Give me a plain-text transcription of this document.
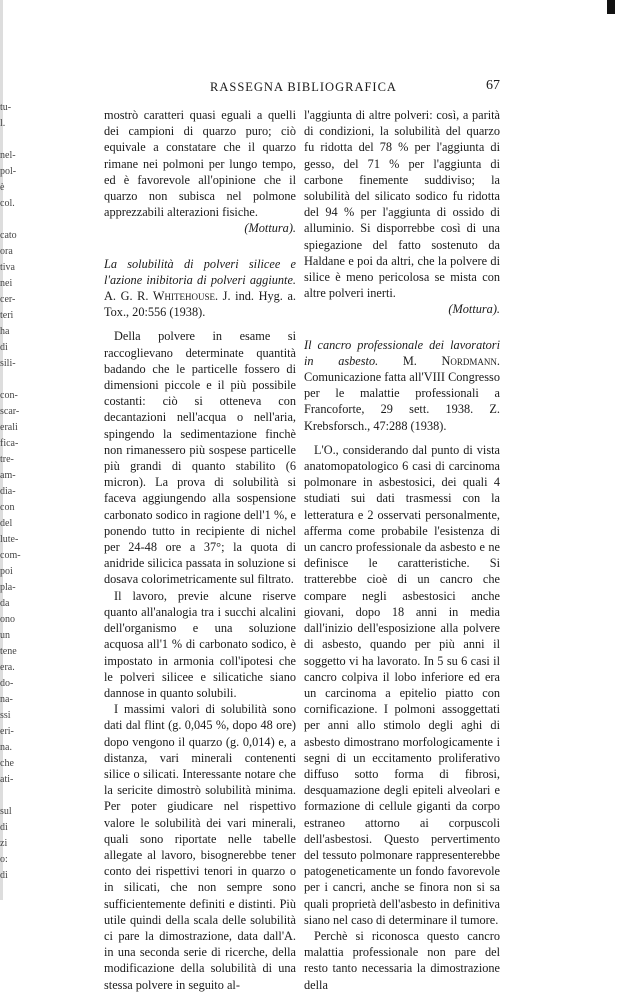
tu-
l.

nel-
pol-
è
col.

cato
ora
tiva
nei
cer-
teri
ha
di
sili-

con-
scar-
erali
fica-
tre-
am-
dia-
con
del
lute-
com-
poi
pla-
da
ono
un
tene
era.
do-
na-
ssi
eri-
na.
che
ati-

sul
di
zi
o:
di
RASSEGNA BIBLIOGRAFICA	67

mostrò caratteri quasi eguali a quelli dei campioni di quarzo puro; ciò equivale a constatare che il quarzo rimane nei polmoni per lungo tempo, ed è favorevole all'opinione che il quarzo non subisca nel polmone apprezzabili alterazioni fisiche.
(Mottura).

La solubilità di polveri silicee e l'azione inibitoria di polveri aggiunte. A. G. R. Whitehouse. J. ind. Hyg. a. Tox., 20:556 (1938).

Della polvere in esame si raccoglievano determinate quantità badando che le particelle fossero di dimensioni piccole e il più possibile costanti: ciò si otteneva con decantazioni nell'acqua o nell'aria, spingendo la sedimentazione finchè non rimanessero più sospese particelle più grandi di quanto stabilito (6 micron). La prova di solubilità si faceva aggiungendo alla sospensione carbonato sodico in ragione dell'1 %, e ponendo tutto in recipiente di nichel per 24-48 ore a 37°; la quota di anidride silicica passata in soluzione si dosava colorimetricamente sul filtrato.

Il lavoro, previe alcune riserve quanto all'analogia tra i succhi alcalini dell'organismo e una soluzione acquosa all'1 % di carbonato sodico, è impostato in armonia coll'ipotesi che le polveri silicee e silicatiche siano dannose in quanto solubili.

I massimi valori di solubilità sono dati dal flint (g. 0,045 %, dopo 48 ore) dopo vengono il quarzo (g. 0,014) e, a distanza, vari minerali contenenti silice o silicati. Interessante notare che la sericite dimostrò solubilità minima. Per poter giudicare nel rispettivo valore le solubilità dei vari minerali, quali sono riportate nelle tabelle allegate al lavoro, bisognerebbe tener conto dei rispettivi tenori in quarzo o in silicati, che non sempre sono sufficientemente definiti e distinti. Più utile quindi della scala delle solubilità ci pare la dimostrazione, data dall'A. in una seconda serie di ricerche, della modificazione della solubilità di una stessa polvere in seguito al-

l'aggiunta di altre polveri: così, a parità di condizioni, la solubilità del quarzo fu ridotta del 78 % per l'aggiunta di gesso, del 71 % per l'aggiunta di carbone finemente suddiviso; la solubilità del silicato sodico fu ridotta del 94 % per l'aggiunta di ossido di alluminio. Si disporrebbe così di una spiegazione del fatto sostenuto da Haldane e poi da altri, che la polvere di silice è meno pericolosa se mista con altre polveri inerti.
(Mottura).

Il cancro professionale dei lavoratori in asbesto. M. Nordmann. Comunicazione fatta all'VIII Congresso per le malattie professionali a Francoforte, 29 sett. 1938. Z. Krebsforsch., 47:288 (1938).

L'O., considerando dal punto di vista anatomopatologico 6 casi di carcinoma polmonare in asbestosici, dei quali 4 studiati sui dati trasmessi con la letteratura e 2 osservati personalmente, afferma come probabile l'esistenza di un cancro professionale da asbesto e ne definisce le caratteristiche. Si tratterebbe cioè di un cancro che compare negli asbestosici anche giovani, dopo 18 anni in media dall'inizio dell'esposizione alla polvere di asbesto, quando per più anni il soggetto vi ha lavorato. In 5 su 6 casi il cancro colpiva il lobo inferiore ed era un carcinoma a epitelio piatto con cornificazione. I polmoni assoggettati per anni allo stimolo degli aghi di asbesto dimostrano morfologicamente i segni di un eccitamento proliferativo diffuso sotto forma di fibrosi, desquamazione degli epiteli alveolari e formazione di cellule giganti da corpo estraneo attorno ai corpuscoli dell'asbestosi. Questo pervertimento del tessuto polmonare rappresenterebbe patogeneticamente un fondo favorevole per i cancri, anche se finora non si sa quali proprietà dell'asbesto in definitiva siano nel caso di determinare il tumore.

Perchè si riconosca questo cancro malattia professionale non pare del resto tanto necessaria la dimostrazione della
